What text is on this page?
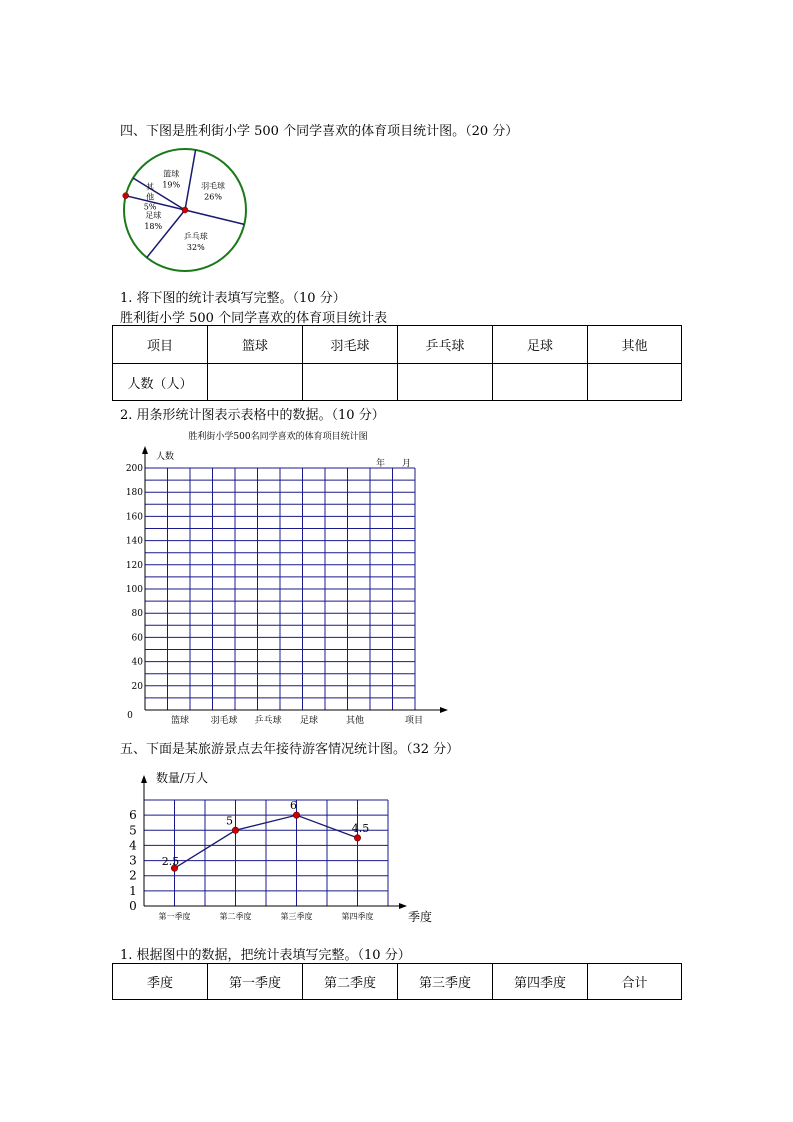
四、下图是胜利街小学 500 个同学喜欢的体育项目统计图。（20 分）
羽毛球
26%
乒乓球
32%
足球
18%
其
他
5%
篮球
19%
1. 将下图的统计表填写完整。（10 分）
胜利街小学 500 个同学喜欢的体育项目统计表
项目	篮球	羽毛球	乒乓球	足球	其他
人数（人）					
2. 用条形统计图表示表格中的数据。（10 分）
胜利街小学500名同学喜欢的体育项目统计图
人数
年 月
0
20
40
60
80
100
120
140
160
180
200
篮球 羽毛球 乒乓球 足球	其他	项目
五、下面是某旅游景点去年接待游客情况统计图。（32 分）
数量/万人
季度
0
1
2
3
4
5
6
第一季度	第二季度	第三季度	第四季度
2.5
5
6
4.5
1. 根据图中的数据，把统计表填写完整。（10 分）
季度	第一季度	第二季度	第三季度	第四季度	合计
